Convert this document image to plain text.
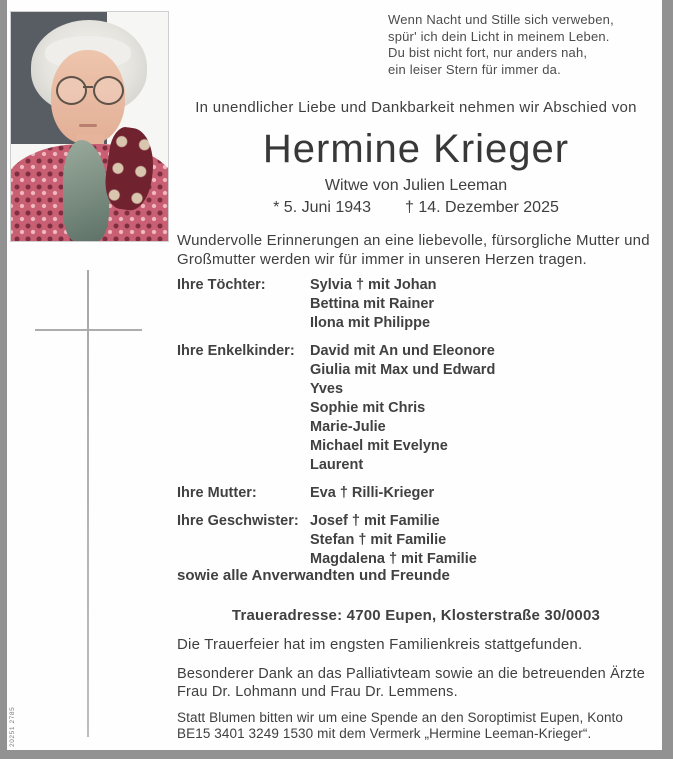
Wenn Nacht und Stille sich verweben,
spür' ich dein Licht in meinem Leben.
Du bist nicht fort, nur anders nah,
ein leiser Stern für immer da.
In unendlicher Liebe und Dankbarkeit nehmen wir Abschied von
Hermine Krieger
Witwe von Julien Leeman
* 5. Juni 1943 † 14. Dezember 2025
Wundervolle Erinnerungen an eine liebevolle, fürsorgliche Mutter und Großmutter werden wir für immer in unseren Herzen tragen.
Ihre Töchter:	Sylvia † mit Johan
Bettina mit Rainer
Ilona mit Philippe
Ihre Enkelkinder:	David mit An und Eleonore
Giulia mit Max und Edward
Yves
Sophie mit Chris
Marie-Julie
Michael mit Evelyne
Laurent
Ihre Mutter:	Eva † Rilli-Krieger
Ihre Geschwister: Josef † mit Familie
Stefan † mit Familie
Magdalena † mit Familie
sowie alle Anverwandten und Freunde
Traueradresse: 4700 Eupen, Klosterstraße 30/0003
Die Trauerfeier hat im engsten Familienkreis stattgefunden.
Besonderer Dank an das Palliativteam sowie an die betreuenden Ärzte Frau Dr. Lohmann und Frau Dr. Lemmens.
Statt Blumen bitten wir um eine Spende an den Soroptimist Eupen, Konto BE15 3401 3249 1530 mit dem Vermerk „Hermine Leeman-Krieger“.
20251 2785
